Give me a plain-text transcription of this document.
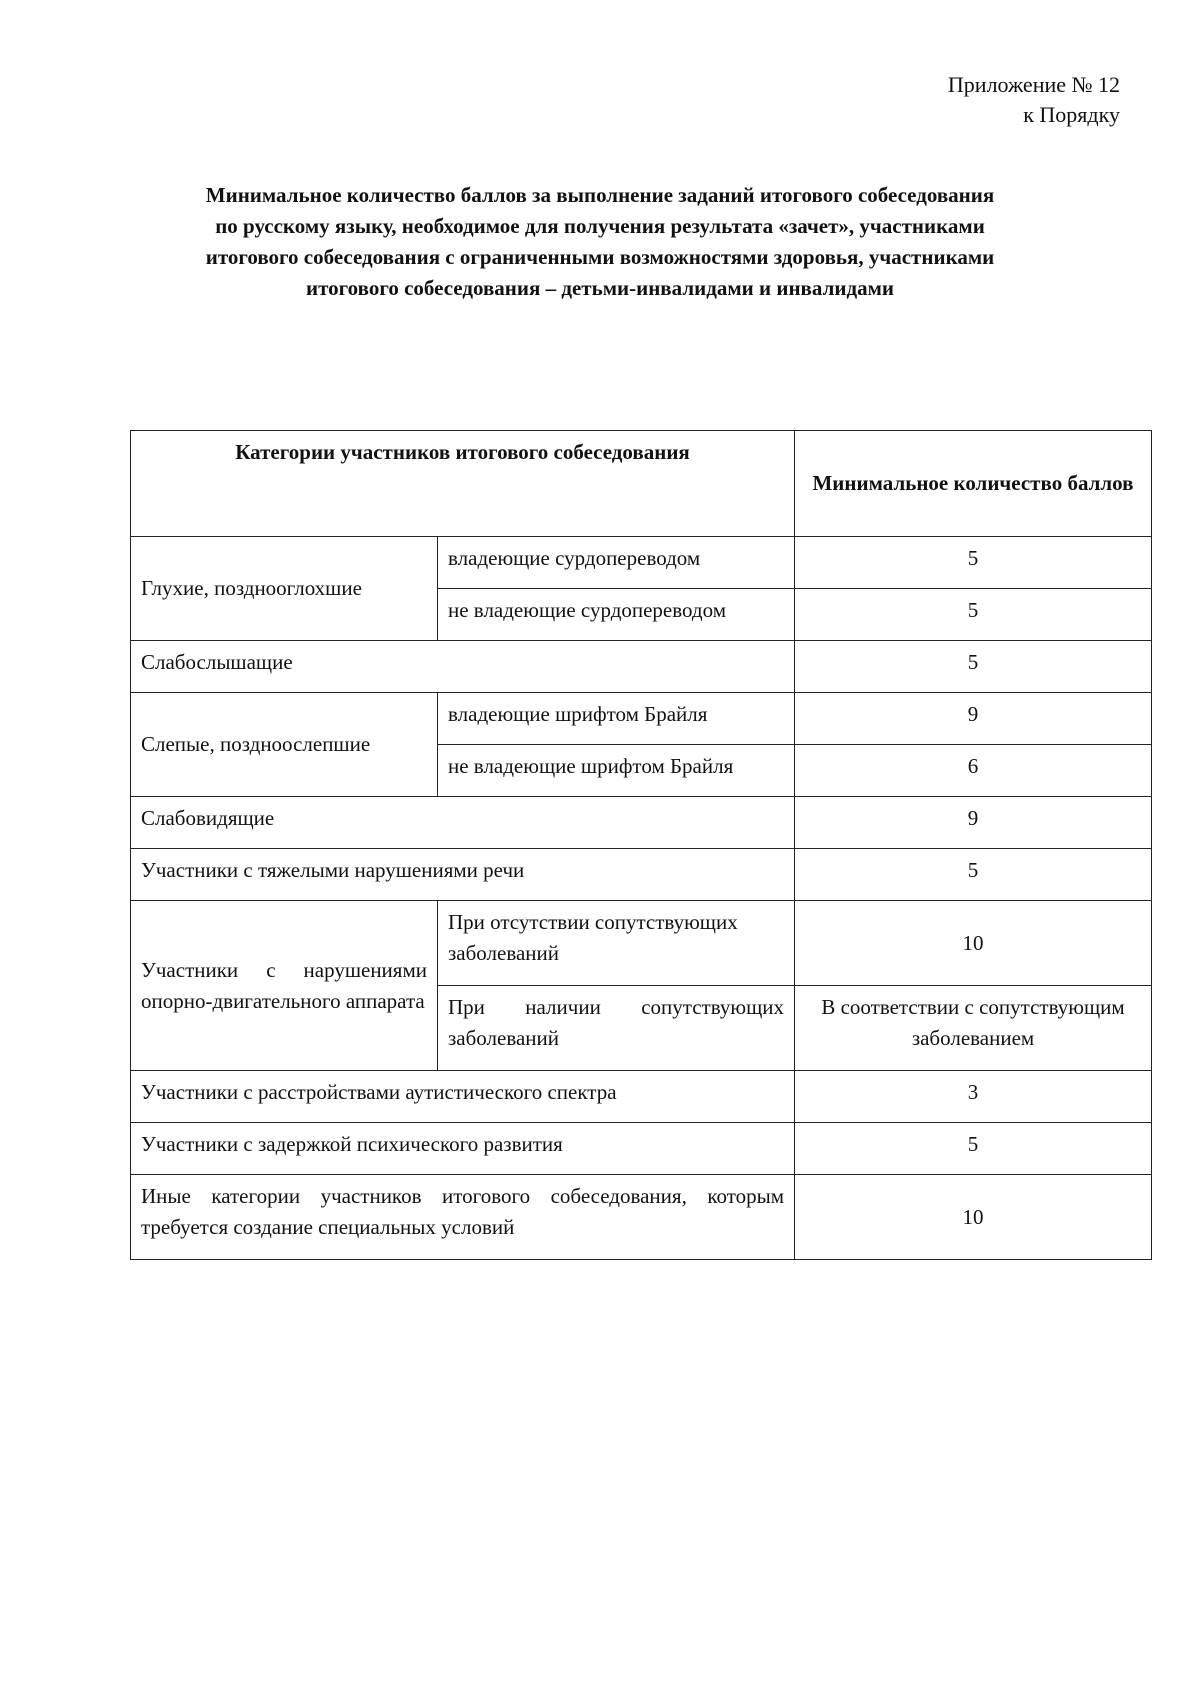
Приложение № 12
к Порядку
Минимальное количество баллов за выполнение заданий итогового собеседования
по русскому языку, необходимое для получения результата «зачет», участниками
итогового собеседования с ограниченными возможностями здоровья, участниками
итогового собеседования – детьми-инвалидами и инвалидами
Категории участников итогового собеседования		Минимальное количество баллов
Глухие, позднооглохшие	владеющие сурдопереводом	5
	не владеющие сурдопереводом	5
Слабослышащие		5
Слепые, поздноослепшие	владеющие шрифтом Брайля	9
	не владеющие шрифтом Брайля	6
Слабовидящие		9
Участники с тяжелыми нарушениями речи		5

Участники с нарушениями опорно-двигательного аппарата	При отсутствии сопутствующих заболеваний	10
	При наличии сопутствующих заболеваний	В соответствии с сопутствующим заболеванием
Участники с расстройствами аутистического спектра		3
Участники с задержкой психического развития		5
Иные категории участников итогового собеседования, которым требуется создание специальных условий		10
